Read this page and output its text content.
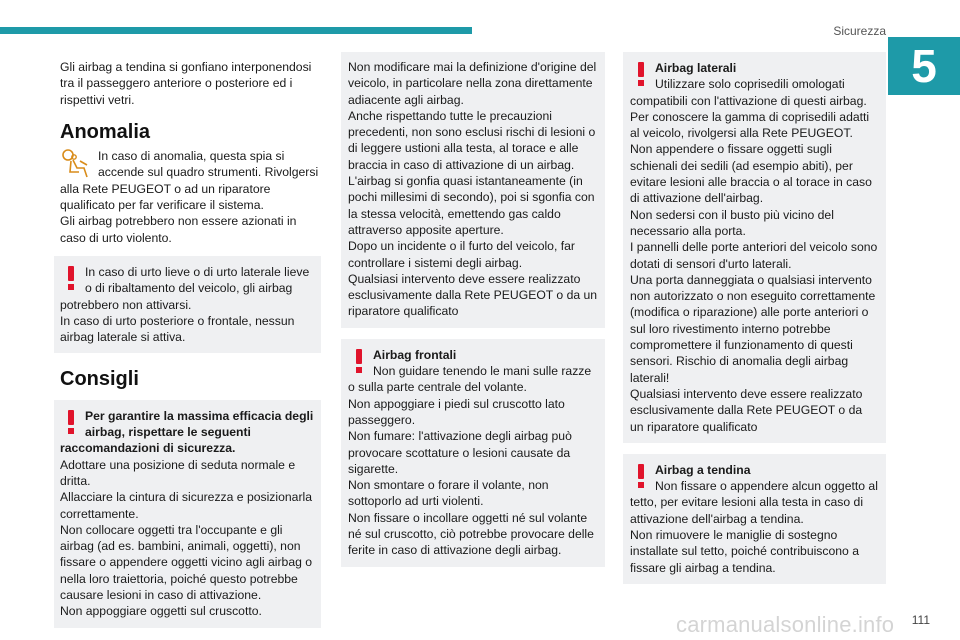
Sicurezza
5

Gli airbag a tendina si gonfiano interponendosi tra il passeggero anteriore o posteriore ed i rispettivi vetri.

Anomalia

In caso di anomalia, questa spia si accende sul quadro strumenti. Rivolgersi alla Rete PEUGEOT o ad un riparatore qualificato per far verificare il sistema.

Gli airbag potrebbero non essere azionati in caso di urto violento.

In caso di urto lieve o di urto laterale lieve o di ribaltamento del veicolo, gli airbag potrebbero non attivarsi.

In caso di urto posteriore o frontale, nessun airbag laterale si attiva.

Consigli

Per garantire la massima efficacia degli airbag, rispettare le seguenti raccomandazioni di sicurezza.

Adottare una posizione di seduta normale e dritta.

Allacciare la cintura di sicurezza e posizionarla correttamente.

Non collocare oggetti tra l'occupante e gli airbag (ad es. bambini, animali, oggetti), non fissare o appendere oggetti vicino agli airbag o nella loro traiettoria, poiché questo potrebbe causare lesioni in caso di attivazione.

Non appoggiare oggetti sul cruscotto.

Non modificare mai la definizione d'origine del veicolo, in particolare nella zona direttamente adiacente agli airbag.

Anche rispettando tutte le precauzioni precedenti, non sono esclusi rischi di lesioni o di leggere ustioni alla testa, al torace e alle braccia in caso di attivazione di un airbag. L'airbag si gonfia quasi istantaneamente (in pochi millesimi di secondo), poi si sgonfia con la stessa velocità, emettendo gas caldo attraverso apposite aperture.

Dopo un incidente o il furto del veicolo, far controllare i sistemi degli airbag.

Qualsiasi intervento deve essere realizzato esclusivamente dalla Rete PEUGEOT o da un riparatore qualificato

Airbag frontali

Non guidare tenendo le mani sulle razze o sulla parte centrale del volante.

Non appoggiare i piedi sul cruscotto lato passeggero.

Non fumare: l'attivazione degli airbag può provocare scottature o lesioni causate da sigarette.

Non smontare o forare il volante, non sottoporlo ad urti violenti.

Non fissare o incollare oggetti né sul volante né sul cruscotto, ciò potrebbe provocare delle ferite in caso di attivazione degli airbag.

Airbag laterali

Utilizzare solo coprisedili omologati compatibili con l'attivazione di questi airbag. Per conoscere la gamma di coprisedili adatti al veicolo, rivolgersi alla Rete PEUGEOT.

Non appendere o fissare oggetti sugli schienali dei sedili (ad esempio abiti), per evitare lesioni alle braccia o al torace in caso di attivazione dell'airbag.

Non sedersi con il busto più vicino del necessario alla porta.

I pannelli delle porte anteriori del veicolo sono dotati di sensori d'urto laterali.

Una porta danneggiata o qualsiasi intervento non autorizzato o non eseguito correttamente (modifica o riparazione) alle porte anteriori o sul loro rivestimento interno potrebbe compromettere il funzionamento di questi sensori. Rischio di anomalia degli airbag laterali!

Qualsiasi intervento deve essere realizzato esclusivamente dalla Rete PEUGEOT o da un riparatore qualificato

Airbag a tendina

Non fissare o appendere alcun oggetto al tetto, per evitare lesioni alla testa in caso di attivazione dell'airbag a tendina.

Non rimuovere le maniglie di sostegno installate sul tetto, poiché contribuiscono a fissare gli airbag a tendina.

carmanualsonline.info 111
